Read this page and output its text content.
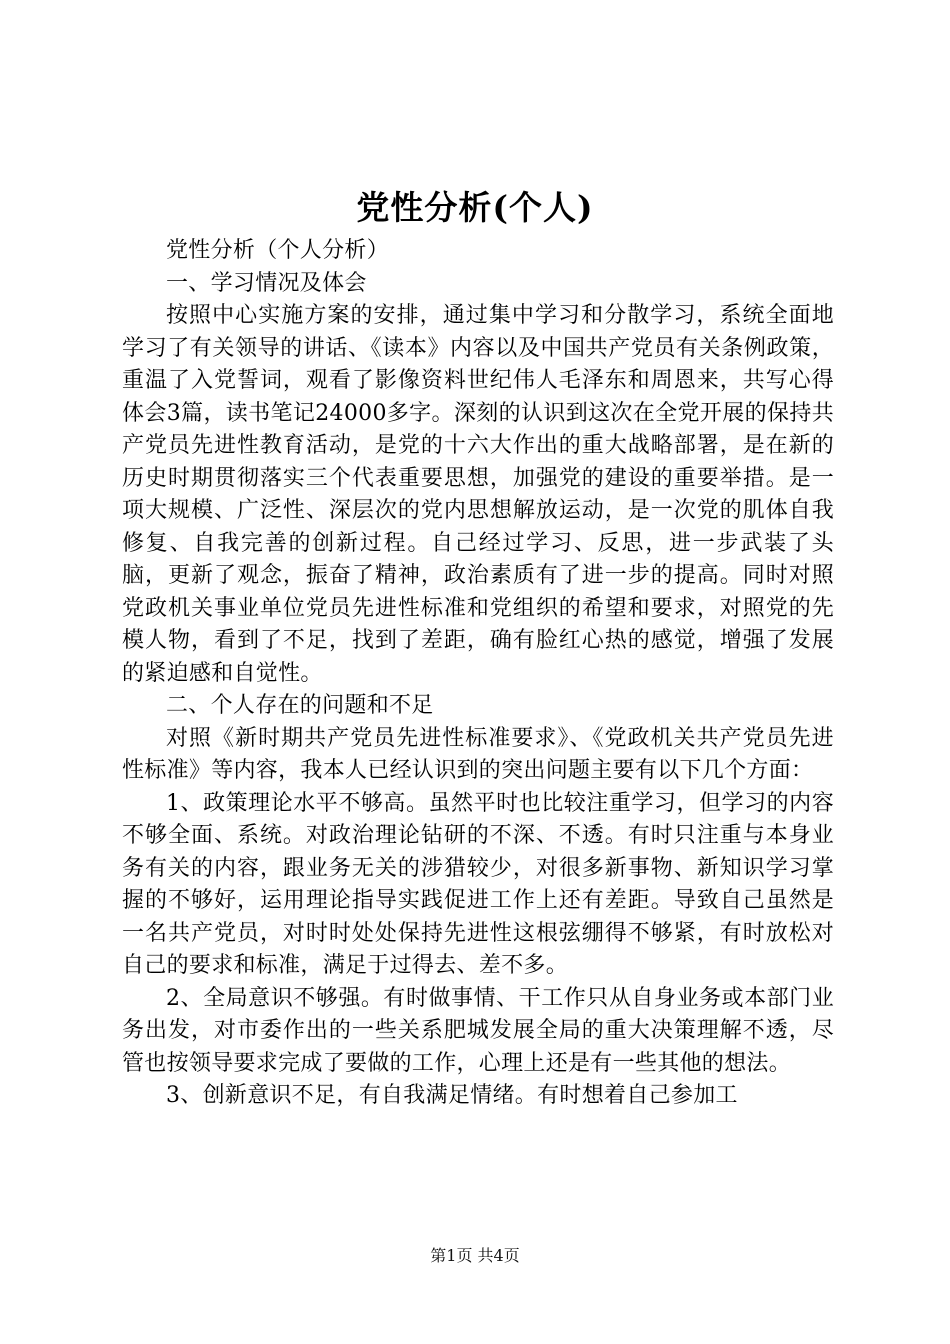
党性分析(个人)

党性分析（个人分析）

一、学习情况及体会

按照中心实施方案的安排，通过集中学习和分散学习，系统全面地学习了有关领导的讲话、《读本》内容以及中国共产党员有关条例政策，重温了入党誓词，观看了影像资料世纪伟人毛泽东和周恩来，共写心得体会3篇，读书笔记24000多字。深刻的认识到这次在全党开展的保持共产党员先进性教育活动，是党的十六大作出的重大战略部署，是在新的历史时期贯彻落实三个代表重要思想，加强党的建设的重要举措。是一项大规模、广泛性、深层次的党内思想解放运动，是一次党的肌体自我修复、自我完善的创新过程。自己经过学习、反思，进一步武装了头脑，更新了观念，振奋了精神，政治素质有了进一步的提高。同时对照党政机关事业单位党员先进性标准和党组织的希望和要求，对照党的先模人物，看到了不足，找到了差距，确有脸红心热的感觉，增强了发展的紧迫感和自觉性。

二、个人存在的问题和不足

对照《新时期共产党员先进性标准要求》、《党政机关共产党员先进性标准》等内容，我本人已经认识到的突出问题主要有以下几个方面：

1、政策理论水平不够高。虽然平时也比较注重学习，但学习的内容不够全面、系统。对政治理论钻研的不深、不透。有时只注重与本身业务有关的内容，跟业务无关的涉猎较少，对很多新事物、新知识学习掌握的不够好，运用理论指导实践促进工作上还有差距。导致自己虽然是一名共产党员，对时时处处保持先进性这根弦绷得不够紧，有时放松对自己的要求和标准，满足于过得去、差不多。

2、全局意识不够强。有时做事情、干工作只从自身业务或本部门业务出发，对市委作出的一些关系肥城发展全局的重大决策理解不透，尽管也按领导要求完成了要做的工作，心理上还是有一些其他的想法。

3、创新意识不足，有自我满足情绪。有时想着自己参加工

第1页 共4页
